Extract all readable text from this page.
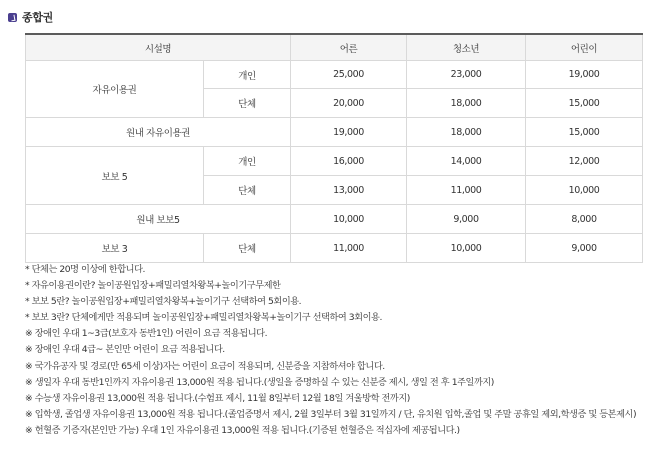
종합권
시설명		어른	청소년	어린이
자유이용권	개인	25,000	23,000	19,000
	단체	20,000	18,000	15,000
원내 자유이용권		19,000	18,000	15,000
보보 5	개인	16,000	14,000	12,000
	단체	13,000	11,000	10,000
원내 보보5		10,000	9,000	8,000
보보 3	단체	11,000	10,000	9,000
* 단체는 20명 이상에 한합니다.
* 자유이용권이란? 놀이공원입장+패밀리열차왕복+놀이기구무제한
* 보보 5란? 놀이공원입장+패밀리열차왕복+놀이기구 선택하여 5회이용.
* 보보 3란? 단체에게만 적용되며 놀이공원입장+패밀리열차왕복+놀이기구 선택하여 3회이용.
※ 장애인 우대 1~3급(보호자 동반1인) 어린이 요금 적용됩니다.
※ 장애인 우대 4급~ 본인만 어린이 요금 적용됩니다.
※ 국가유공자 및 경로(만 65세 이상)자는 어린이 요금이 적용되며, 신분증을 지참하셔야 합니다.
※ 생일자 우대 동반1인까지 자유이용권 13,000원 적용 됩니다.(생일을 증명하실 수 있는 신분증 제시, 생일 전 후 1주일까지)
※ 수능생 자유이용권 13,000원 적용 됩니다.(수험표 제시, 11월 8일부터 12월 18일 겨울방학 전까지)
※ 입학생, 졸업생 자유이용권 13,000원 적용 됩니다.(졸업증명서 제시, 2월 3일부터 3월 31일까지 / 단, 유치원 입학,졸업 및 주말 공휴일 제외,학생증 및 등본제시)
※ 헌혈증 기증자(본인만 가능) 우대 1인 자유이용권 13,000원 적용 됩니다.(기증된 헌혈증은 적십자에 제공됩니다.)
